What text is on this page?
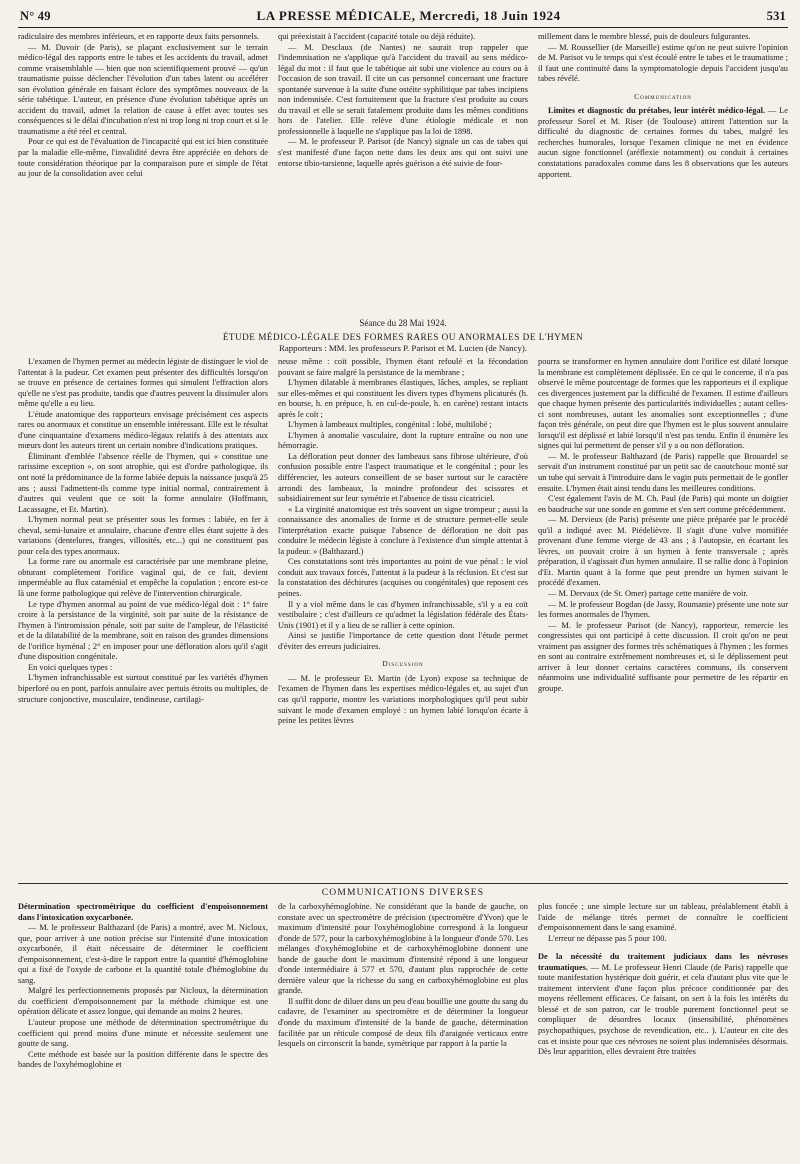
N° 49	LA PRESSE MÉDICALE, Mercredi, 18 Juin 1924	531

radiculaire des membres inférieurs, et en rapporte deux faits personnels.

— M. Duvoir (de Paris), se plaçant exclusivement sur le terrain médico-légal des rapports entre le tabes et les accidents du travail, admet comme vraisemblable — bien que non scientifiquement prouvé — qu'un traumatisme puisse déclencher l'évolution d'un tabes latent ou accélérer son évolution générale en faisant éclore des symptômes nouveaux de la série tabétique. L'auteur, en présence d'une évolution tabétique après un accident du travail, admet la relation de cause à effet avec toutes ses conséquences si le délai d'incubation n'est ni trop long ni trop court et si le traumatisme a été réel et central.

Pour ce qui est de l'évaluation de l'incapacité qui est ici bien constituée par la maladie elle-même, l'invalidité devra être appréciée en dehors de toute considération théorique par la comparaison pure et simple de l'état au jour de la consolidation avec celui

qui préexistait à l'accident (capacité totale ou déjà réduite).

— M. Desclaux (de Nantes) ne saurait trop rappeler que l'indemnisation ne s'applique qu'à l'accident du travail au sens médico-légal du mot : il faut que le tabétique ait subi une violence au cours ou à l'occasion de son travail. Il cite un cas personnel concernant une fracture spontanée survenue à la suite d'une ostéite syphilitique par tabes incipiens non indemnisée. C'est fortuitement que la fracture s'est produite au cours du travail et elle se serait fatalement produite dans les mêmes conditions hors de l'atelier. Elle relève d'une étiologie médicale et non professionnelle à laquelle ne s'applique pas la loi de 1898.

— M. le professeur P. Parisot (de Nancy) signale un cas de tabes qui s'est manifesté d'une façon nette dans les deux ans qui ont suivi une entorse tibio-tarsienne, laquelle après guérison a été suivie de four-

millement dans le membre blessé, puis de douleurs fulgurantes.

— M. Roussellier (de Marseille) estime qu'on ne peut suivre l'opinion de M. Parisot vu le temps qui s'est écoulé entre le tabes et le traumatisme ; il faut une continuité dans la symptomatologie depuis l'accident jusqu'au tabes révélé.

Communication

Limites et diagnostic du prétabes, leur intérêt médico-légal. — Le professeur Sorel et M. Riser (de Toulouse) attirent l'attention sur la difficulté du diagnostic de certaines formes du tabes, malgré les recherches humorales, lorsque l'examen clinique ne met en évidence aucun signe fonctionnel (aréflexie notamment) ou conduit à certaines constatations paradoxales comme dans les 8 observations que les auteurs apportent.

Séance du 28 Mai 1924.
ÉTUDE MÉDICO-LÉGALE DES FORMES RARES OU ANORMALES DE L'HYMEN
Rapporteurs : MM. les professeurs P. Parisot et M. Lucien (de Nancy).

L'examen de l'hymen permet au médecin légiste de distinguer le viol de l'attentat à la pudeur. Cet examen peut présenter des difficultés lorsqu'on se trouve en présence de certaines formes qui simulent l'effraction alors qu'elle ne s'est pas produite, tandis que d'autres peuvent la dissimuler alors même qu'elle a eu lieu.

L'étude anatomique des rapporteurs envisage précisément ces aspects rares ou anormaux et constitue un ensemble intéressant. Elle est le résultat d'une cinquantaine d'examens médico-légaux relatifs à des attentats aux mœurs dont les auteurs tirent un certain nombre d'indications pratiques.

Éliminant d'emblée l'absence réelle de l'hymen, qui « constitue une rarissime exception », on sont atrophie, qui est d'ordre pathologique, ils ont noté la prédominance de la forme labiée depuis la naissance jusqu'à 25 ans ; aussi l'admettent-ils comme type initial normal, contrairement à d'autres qui veulent que ce soit la forme annulaire (Hoffmann, Lacassagne, et Et. Martin).

L'hymen normal peut se présenter sous les formes : labiée, en fer à cheval, semi-lunaire et annulaire, chacune d'entre elles étant sujette à des variations (dentelures, franges, villosités, etc...) qui ne constituent pas pour cela des types anormaux.

La forme rare ou anormale est caractérisée par une membrane pleine, obturant complètement l'orifice vaginal qui, de ce fait, devient imperméable au flux cataménial et empêche la copulation ; encore est-ce là une forme pathologique qui relève de l'intervention chirurgicale.

Le type d'hymen anormal au point de vue médico-légal doit : 1° faire croire à la persistance de la virginité, soit par suite de la résistance de l'hymen à l'intromission pénale, soit par suite de l'ampleur, de l'élasticité et de la dilatabilité de la membrane, soit en raison des grandes dimensions de l'orifice hyménal ; 2° en imposer pour une défloration alors qu'il s'agit d'une disposition congénitale.

En voici quelques types :

L'hymen infranchissable est surtout constitué par les variétés d'hymen biperforé ou en pont, parfois annulaire avec pertuis étroits ou multiples, de structure conjonctive, musculaire, tendineuse, cartilagi-

neuse même : coït possible, l'hymen étant refoulé et la fécondation pouvant se faire malgré la persistance de la membrane ;

L'hymen dilatable à membranes élastiques, lâches, amples, se repliant sur elles-mêmes et qui constituent les divers types d'hymens plicaturés (h. en bourse, h. en prépuce, h. en cul-de-poule, h. en carène) restant intacts après le coït ;

L'hymen à lambeaux multiples, congénital : lobé, multilobé ;

L'hymen à anomalie vasculaire, dont la rupture entraîne ou non une hémorragie.

La défloration peut donner des lambeaux sans fibrose ultérieure, d'où confusion possible entre l'aspect traumatique et le congénital ; pour les différencier, les auteurs conseillent de se baser surtout sur le caractère arrondi des lambeaux, la moindre profondeur des scissures et subsidiairement sur leur symétrie et l'absence de tissu cicatriciel.

« La virginité anatomique est très souvent un signe trompeur ; aussi la connaissance des anomalies de forme et de structure permet-elle seule l'interprétation exacte puisque l'absence de défloration ne doit pas conduire le médecin légiste à conclure à l'existence d'un simple attentat à la pudeur. » (Balthazard.)

Ces constatations sont très importantes au point de vue pénal : le viol conduit aux travaux forcés, l'attentat à la pudeur à la réclusion. Et c'est sur la constatation des déchirures (acquises ou congénitales) que reposent ces peines.

Il y a viol même dans le cas d'hymen infranchissable, s'il y a eu coït vestibulaire ; c'est d'ailleurs ce qu'admet la législation fédérale des États-Unis (1901) et il y a lieu de se rallier à cette opinion.

Ainsi se justifie l'importance de cette question dont l'étude permet d'éviter des erreurs judiciaires.

Discussion

— M. le professeur Et. Martin (de Lyon) expose sa technique de l'examen de l'hymen dans les expertises médico-légales et, au sujet d'un cas qu'il rapporte, montre les variations morphologiques qu'il peut subir suivant le mode d'examen employé : un hymen labié lorsqu'on écarte à peine les petites lèvres

pourra se transformer en hymen annulaire dont l'orifice est dilaté lorsque la membrane est complètement déplissée. En ce qui le concerne, il n'a pas observé le même pourcentage de formes que les rapporteurs et il explique ces divergences justement par la difficulté de l'examen. Il estime d'ailleurs que chaque hymen présente des particularités individuelles ; autant celles-ci sont nombreuses, autant les anomalies sont exceptionnelles ; d'une façon très générale, on peut dire que l'hymen est le plus souvent annulaire lorsqu'il est déplissé et labié lorsqu'il n'est pas tendu. Enfin il énumère les signes qui lui permettent de penser s'il y a ou non défloration.

— M. le professeur Balthazard (de Paris) rappelle que Brouardel se servait d'un instrument constitué par un petit sac de caoutchouc monté sur un tube qui servait à l'introduire dans le vagin puis permettait de le gonfler ensuite. L'hymen était ainsi tendu dans les meilleures conditions.

C'est également l'avis de M. Ch. Paul (de Paris) qui monte un doigtier en baudruche sur une sonde en gomme et s'en sert comme précédemment.

— M. Dervieux (de Paris) présente une pièce préparée par le procédé qu'il a indiqué avec M. Piédelièvre. Il s'agit d'une vulve momifiée provenant d'une femme vierge de 43 ans ; à l'autopsie, en écartant les lèvres, on pouvait croire à un hymen à fente transversale ; après préparation, il s'agissait d'un hymen annulaire. Il se rallie donc à l'opinion d'Et. Martin quant à la forme que peut prendre un hymen suivant le procédé d'examen.

— M. Dervaux (de St. Omer) partage cette manière de voir.

— M. le professeur Bogdan (de Jassy, Roumanie) présente une note sur les formes anormales de l'hymen.

— M. le professeur Parisot (de Nancy), rapporteur, remercie les congressistes qui ont participé à cette discussion. Il croit qu'on ne peut vraiment pas assigner des formes très schématiques à l'hymen ; les formes en sont au contraire extrêmement nombreuses et, si le déplissement peut arriver à leur donner certains caractères communs, ils conservent néanmoins une individualité suffisante pour permettre de les répartir en groupe.

COMMUNICATIONS DIVERSES

Détermination spectrométrique du coefficient d'empoisonnement dans l'intoxication oxycarbonée.

— M. le professeur Balthazard (de Paris) a montré, avec M. Nicloux, que, pour arriver à une notion précise sur l'intensité d'une intoxication oxycarbonée, il était nécessaire de déterminer le coefficient d'empoisonnement, c'est-à-dire le rapport entre la quantité d'hémoglobine qui a fixé de l'oxyde de carbone et la quantité totale d'hémoglobine du sang.

Malgré les perfectionnements proposés par Nicloux, la détermination du coefficient d'empoisonnement par la méthode chimique est une opération délicate et assez longue, qui demande au moins 2 heures.

L'auteur propose une méthode de détermination spectrométrique du coefficient qui prend moins d'une minute et nécessite seulement une goutte de sang.

Cette méthode est basée sur la position différente dans le spectre des bandes de l'oxyhémoglobine et

de la carboxyhémoglobine. Ne considérant que la bande de gauche, on constate avec un spectromètre de précision (spectromètre d'Yvon) que le maximum d'intensité pour l'oxyhémoglobine correspond à la longueur d'onde de 577, pour la carboxyhémoglobine à la longueur d'onde 570. Les mélanges d'oxyhémoglobine et de carboxyhémoglobine donnent une bande de gauche dont le maximum d'intensité répond à une longueur d'onde intermédiaire à 577 et 570, d'autant plus rapprochée de cette dernière valeur que la richesse du sang en carboxyhémoglobine est plus grande.

Il suffit donc de diluer dans un peu d'eau bouillie une goutte du sang du cadavre, de l'examiner au spectromètre et de déterminer la longueur d'onde du maximum d'intensité de la bande de gauche, détermination facilitée par un réticule composé de deux fils d'araignée verticaux entre lesquels on circonscrit la bande, symétrique par rapport à la partie la

plus foncée ; une simple lecture sur un tableau, préalablement établi à l'aide de mélange titrés permet de connaître le coefficient d'empoisonnement dans le sang examiné.

L'erreur ne dépasse pas 5 pour 100.

De la nécessité du traitement judiciaux dans les névroses traumatiques. — M. Le professeur Henri Claude (de Paris) rappelle que toute manifestation hystérique doit guérir, et cela d'autant plus vite que le traitement intervient d'une façon plus précoce conditionnée par des moyens réellement efficaces. Ce faisant, on sert à la fois les intérêts du blessé et de son patron, car le trouble purement fonctionnel peut se compliquer de désordres locaux (insensibilité, phénomènes psychopathiques, psychose de revendication, etc.. ). L'auteur en cite des cas et insiste pour que ces névroses ne soient plus indemnisées désormais. Dès leur apparition, elles devraient être traitées
